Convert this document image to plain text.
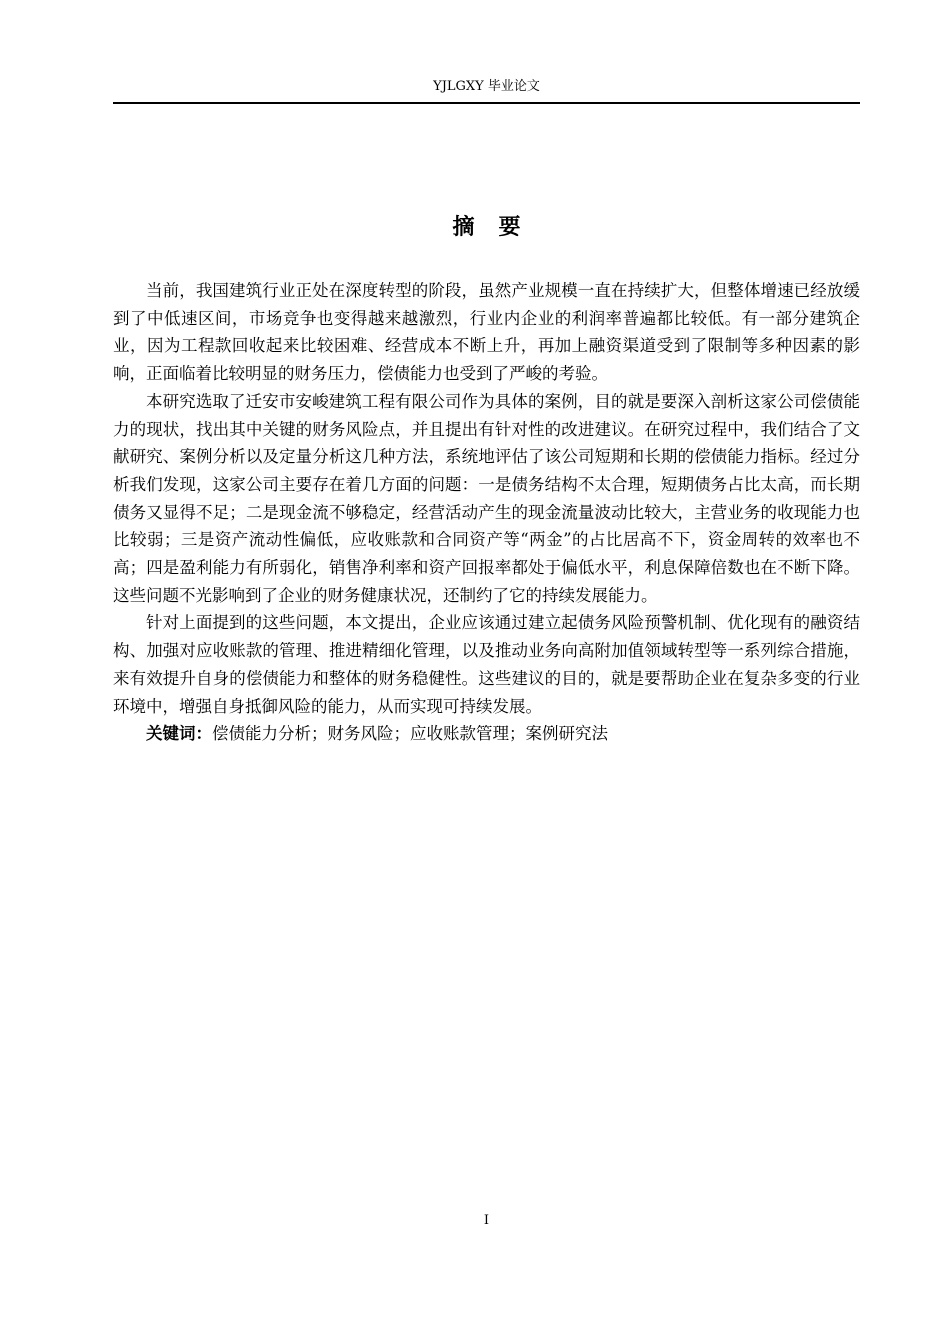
YJLGXY 毕业论文
摘要

当前，我国建筑行业正处在深度转型的阶段，虽然产业规模一直在持续扩大，但整体增速已经放缓到了中低速区间，市场竞争也变得越来越激烈，行业内企业的利润率普遍都比较低。有一部分建筑企业，因为工程款回收起来比较困难、经营成本不断上升，再加上融资渠道受到了限制等多种因素的影响，正面临着比较明显的财务压力，偿债能力也受到了严峻的考验。

本研究选取了迁安市安峻建筑工程有限公司作为具体的案例，目的就是要深入剖析这家公司偿债能力的现状，找出其中关键的财务风险点，并且提出有针对性的改进建议。在研究过程中，我们结合了文献研究、案例分析以及定量分析这几种方法，系统地评估了该公司短期和长期的偿债能力指标。经过分析我们发现，这家公司主要存在着几方面的问题：一是债务结构不太合理，短期债务占比太高，而长期债务又显得不足；二是现金流不够稳定，经营活动产生的现金流量波动比较大，主营业务的收现能力也比较弱；三是资产流动性偏低，应收账款和合同资产等“两金”的占比居高不下，资金周转的效率也不高；四是盈利能力有所弱化，销售净利率和资产回报率都处于偏低水平，利息保障倍数也在不断下降。这些问题不光影响到了企业的财务健康状况，还制约了它的持续发展能力。

针对上面提到的这些问题，本文提出，企业应该通过建立起债务风险预警机制、优化现有的融资结构、加强对应收账款的管理、推进精细化管理，以及推动业务向高附加值领域转型等一系列综合措施，来有效提升自身的偿债能力和整体的财务稳健性。这些建议的目的，就是要帮助企业在复杂多变的行业环境中，增强自身抵御风险的能力，从而实现可持续发展。

关键词：偿债能力分析；财务风险；应收账款管理；案例研究法

I
